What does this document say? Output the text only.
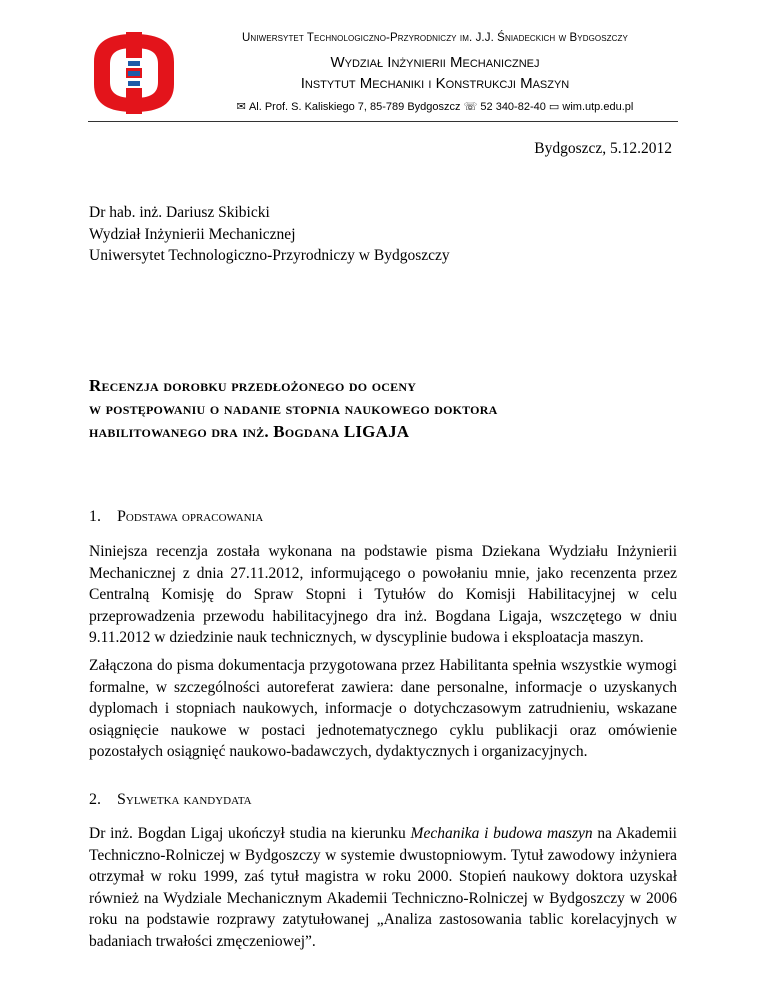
Uniwersytet Technologiczno-Przyrodniczy im. J.J. Śniadeckich w Bydgoszczy
Wydział Inżynierii Mechanicznej
Instytut Mechaniki i Konstrukcji Maszyn
✉ Al. Prof. S. Kaliskiego 7, 85-789 Bydgoszcz ☏ 52 340-82-40 ▭ wim.utp.edu.pl
Bydgoszcz, 5.12.2012
Dr hab. inż. Dariusz Skibicki
Wydział Inżynierii Mechanicznej
Uniwersytet Technologiczno-Przyrodniczy w Bydgoszczy
Recenzja dorobku przedłożonego do oceny
w postępowaniu o nadanie stopnia naukowego doktora
habilitowanego dra inż. Bogdana LIGAJA
1. Podstawa opracowania
Niniejsza recenzja została wykonana na podstawie pisma Dziekana Wydziału Inżynierii Mechanicznej z dnia 27.11.2012, informującego o powołaniu mnie, jako recenzenta przez Centralną Komisję do Spraw Stopni i Tytułów do Komisji Habilitacyjnej w celu przeprowadzenia przewodu habilitacyjnego dra inż. Bogdana Ligaja, wszczętego w dniu 9.11.2012 w dziedzinie nauk technicznych, w dyscyplinie budowa i eksploatacja maszyn.
Załączona do pisma dokumentacja przygotowana przez Habilitanta spełnia wszystkie wymogi formalne, w szczególności autoreferat zawiera: dane personalne, informacje o uzyskanych dyplomach i stopniach naukowych, informacje o dotychczasowym zatrudnieniu, wskazane osiągnięcie naukowe w postaci jednotematycznego cyklu publikacji oraz omówienie pozostałych osiągnięć naukowo-badawczych, dydaktycznych i organizacyjnych.
2. Sylwetka kandydata
Dr inż. Bogdan Ligaj ukończył studia na kierunku Mechanika i budowa maszyn na Akademii Techniczno-Rolniczej w Bydgoszczy w systemie dwustopniowym. Tytuł zawodowy inżyniera otrzymał w roku 1999, zaś tytuł magistra w roku 2000. Stopień naukowy doktora uzyskał również na Wydziale Mechanicznym Akademii Techniczno-Rolniczej w Bydgoszczy w 2006 roku na podstawie rozprawy zatytułowanej „Analiza zastosowania tablic korelacyjnych w badaniach trwałości zmęczeniowej”.
